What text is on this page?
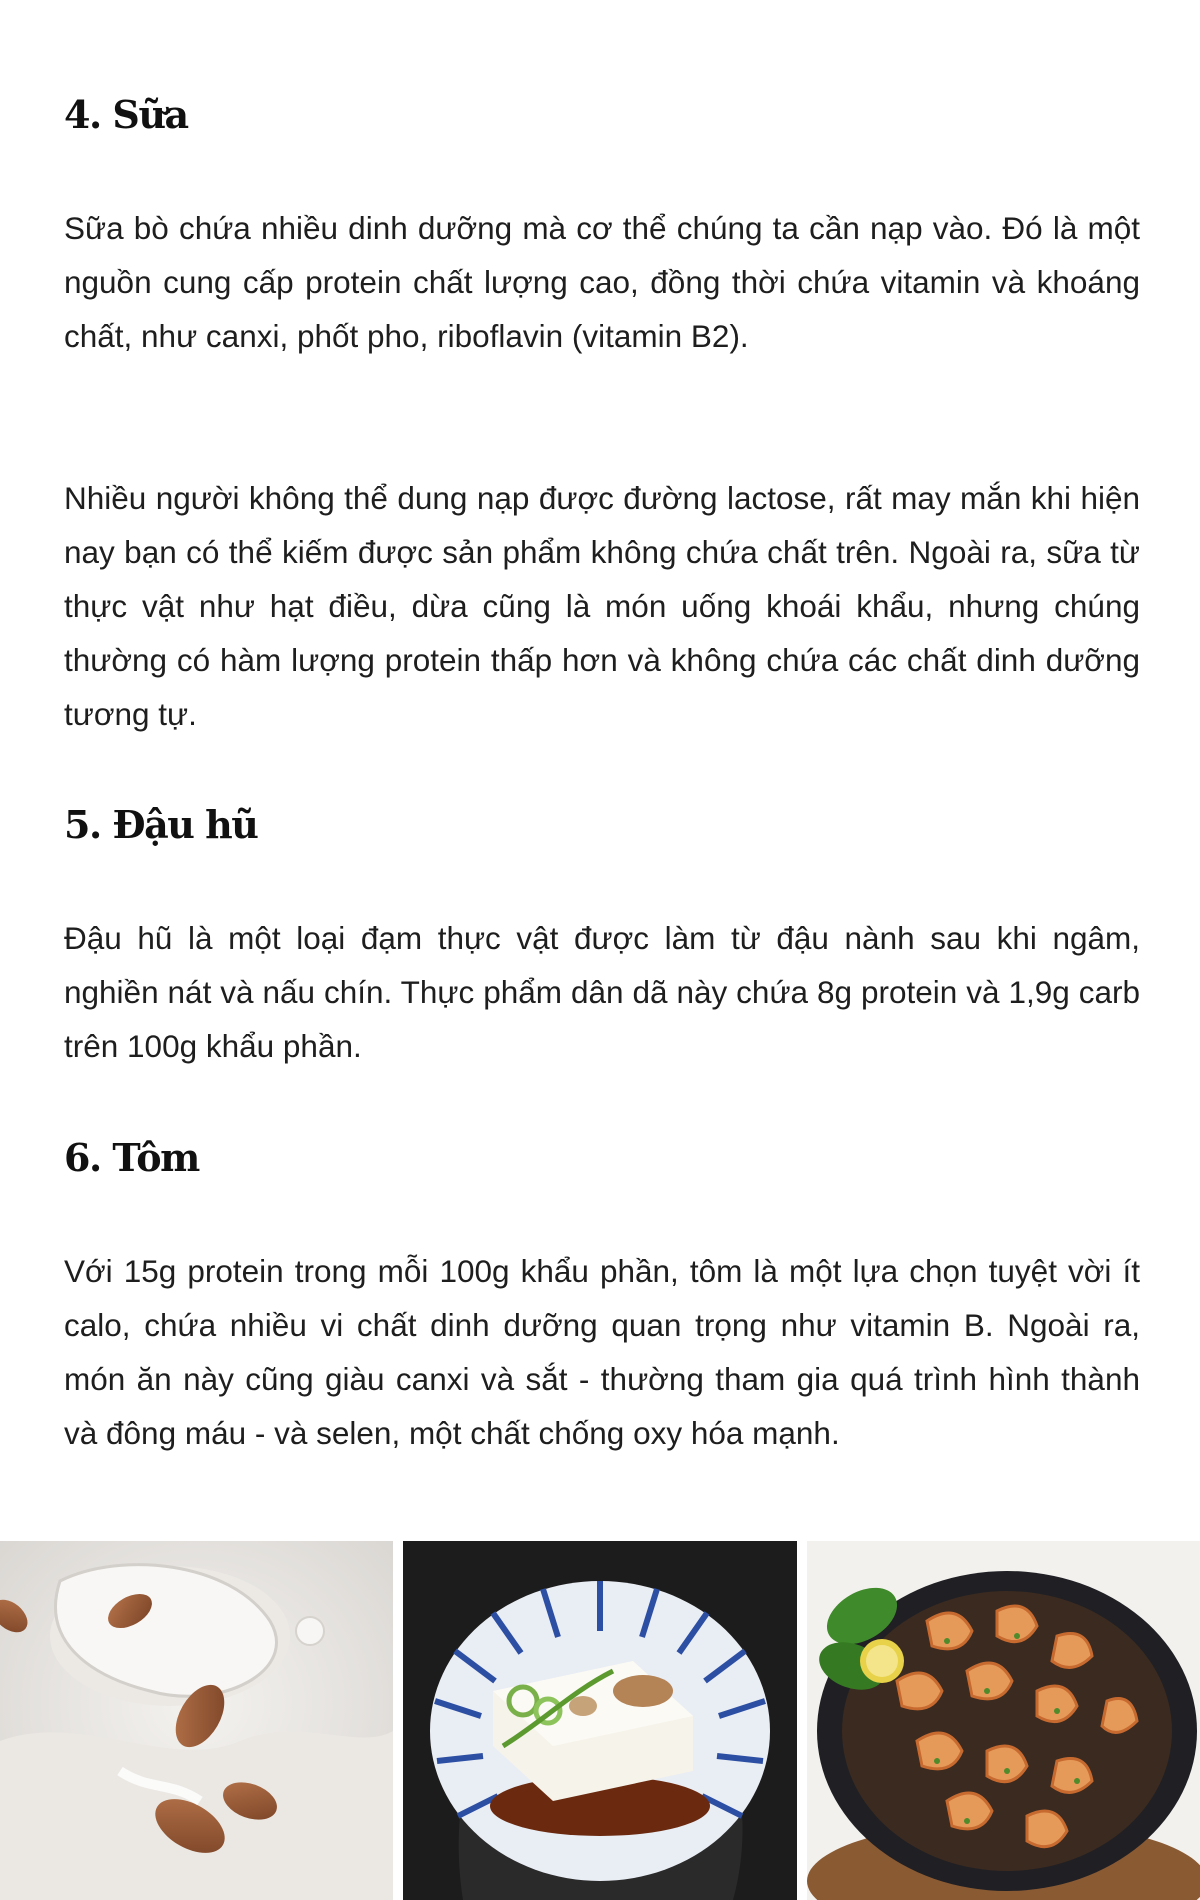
4. Sữa

Sữa bò chứa nhiều dinh dưỡng mà cơ thể chúng ta cần nạp vào. Đó là một nguồn cung cấp protein chất lượng cao, đồng thời chứa vitamin và khoáng chất, như canxi, phốt pho, riboflavin (vitamin B2).

Nhiều người không thể dung nạp được đường lactose, rất may mắn khi hiện nay bạn có thể kiếm được sản phẩm không chứa chất trên. Ngoài ra, sữa từ thực vật như hạt điều, dừa cũng là món uống khoái khẩu, nhưng chúng thường có hàm lượng protein thấp hơn và không chứa các chất dinh dưỡng tương tự.

5. Đậu hũ

Đậu hũ là một loại đạm thực vật được làm từ đậu nành sau khi ngâm, nghiền nát và nấu chín. Thực phẩm dân dã này chứa 8g protein và 1,9g carb trên 100g khẩu phần.

6. Tôm

Với 15g protein trong mỗi 100g khẩu phần, tôm là một lựa chọn tuyệt vời ít calo, chứa nhiều vi chất dinh dưỡng quan trọng như vitamin B. Ngoài ra, món ăn này cũng giàu canxi và sắt - thường tham gia quá trình hình thành và đông máu - và selen, một chất chống oxy hóa mạnh.
